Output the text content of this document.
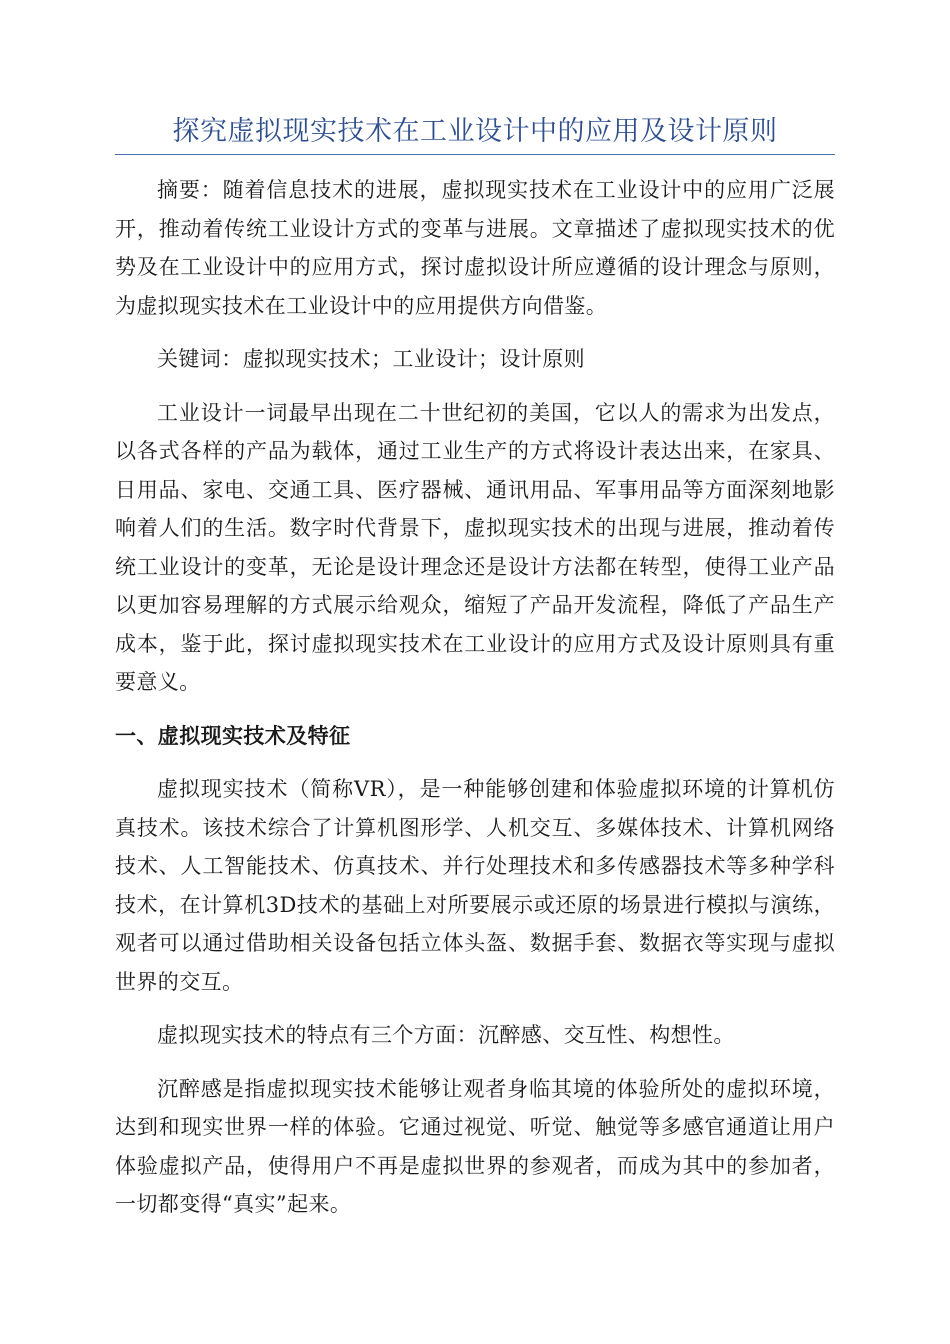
探究虚拟现实技术在工业设计中的应用及设计原则

摘要：随着信息技术的进展，虚拟现实技术在工业设计中的应用广泛展开，推动着传统工业设计方式的变革与进展。文章描述了虚拟现实技术的优势及在工业设计中的应用方式，探讨虚拟设计所应遵循的设计理念与原则，为虚拟现实技术在工业设计中的应用提供方向借鉴。

关键词：虚拟现实技术；工业设计；设计原则

工业设计一词最早出现在二十世纪初的美国，它以人的需求为出发点，以各式各样的产品为载体，通过工业生产的方式将设计表达出来，在家具、日用品、家电、交通工具、医疗器械、通讯用品、军事用品等方面深刻地影响着人们的生活。数字时代背景下，虚拟现实技术的出现与进展，推动着传统工业设计的变革，无论是设计理念还是设计方法都在转型，使得工业产品以更加容易理解的方式展示给观众，缩短了产品开发流程，降低了产品生产成本，鉴于此，探讨虚拟现实技术在工业设计的应用方式及设计原则具有重要意义。

一、虚拟现实技术及特征

虚拟现实技术（简称VR），是一种能够创建和体验虚拟环境的计算机仿真技术。该技术综合了计算机图形学、人机交互、多媒体技术、计算机网络技术、人工智能技术、仿真技术、并行处理技术和多传感器技术等多种学科技术，在计算机3D技术的基础上对所要展示或还原的场景进行模拟与演练，观者可以通过借助相关设备包括立体头盔、数据手套、数据衣等实现与虚拟世界的交互。

虚拟现实技术的特点有三个方面：沉醉感、交互性、构想性。

沉醉感是指虚拟现实技术能够让观者身临其境的体验所处的虚拟环境，达到和现实世界一样的体验。它通过视觉、听觉、触觉等多感官通道让用户体验虚拟产品，使得用户不再是虚拟世界的参观者，而成为其中的参加者，一切都变得“真实”起来。
